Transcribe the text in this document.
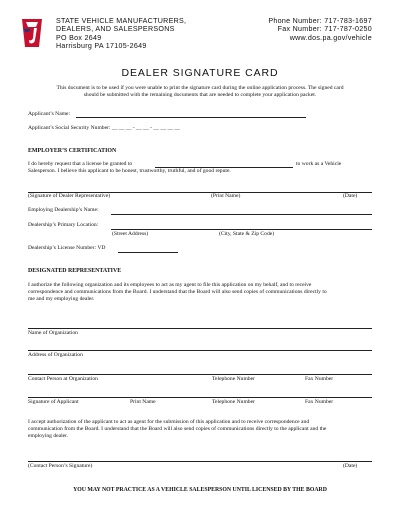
STATE VEHICLE MANUFACTURERS,
DEALERS, AND SALESPERSONS
PO Box 2649
Harrisburg PA 17105-2649
Phone Number: 717-783-1697
Fax Number: 717-787-0250
www.dos.pa.gov/vehicle
DEALER SIGNATURE CARD
This document is to be used if you were unable to print the signature card during the online application process. The signed card
should be submitted with the remaining documents that are needed to complete your application packet.
Applicant’s Name:
Applicant’s Social Security Number: __ __ __ - __ __ - __ __ __ __
EMPLOYER’S CERTIFICATION
I do hereby request that a license be granted to	to work as a Vehicle
Salesperson. I believe this applicant to be honest, trustworthy, truthful, and of good repute.
(Signature of Dealer Representative)	(Print Name)	(Date)
Employing Dealership’s Name:
Dealership’s Primary Location:
(Street Address)	(City, State & Zip Code)
Dealership’s License Number: VD
DESIGNATED REPRESENTATIVE
I authorize the following organization and its employees to act as my agent to file this application on my behalf, and to receive
correspondence and communications from the Board. I understand that the Board will also send copies of communications directly to
me and my employing dealer.
Name of Organization
Address of Organization
Contact Person at Organization	Telephone Number	Fax Number
Signature of Applicant	Print Name	Telephone Number	Fax Number
I accept authorization of the applicant to act as agent for the submission of this application and to receive correspondence and
communication from the Board. I understand that the Board will also send copies of communications directly to the applicant and the
employing dealer.
(Contact Person’s Signature)	(Date)
YOU MAY NOT PRACTICE AS A VEHICLE SALESPERSON UNTIL LICENSED BY THE BOARD
